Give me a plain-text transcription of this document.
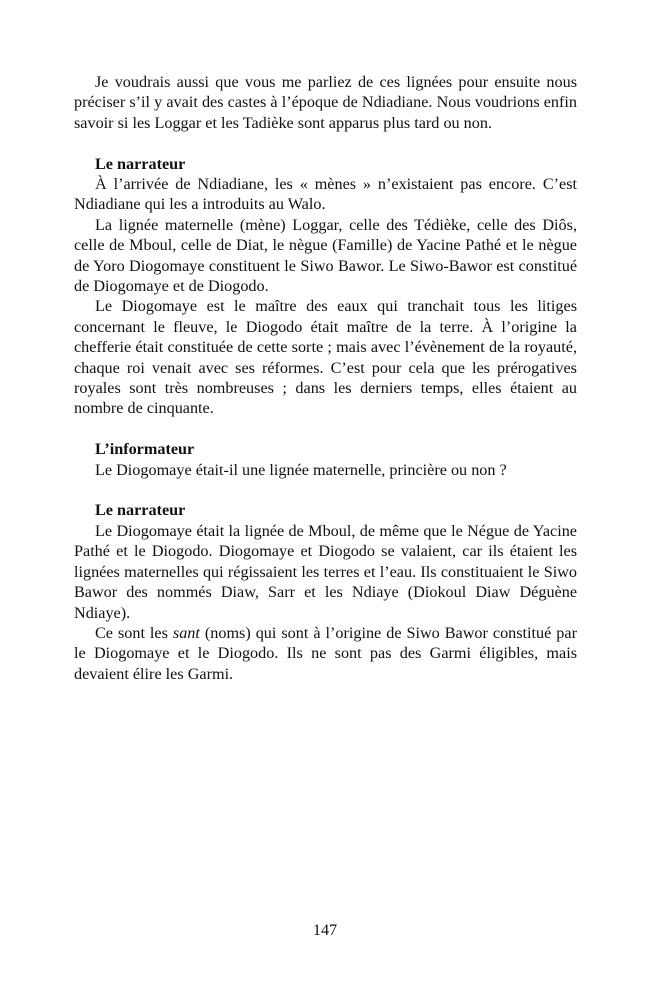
Je voudrais aussi que vous me parliez de ces lignées pour ensuite nous préciser s’il y avait des castes à l’époque de Ndiadiane. Nous voudrions enfin savoir si les Loggar et les Tadièke sont apparus plus tard ou non.

Le narrateur

À l’arrivée de Ndiadiane, les « mènes » n’existaient pas encore. C’est Ndiadiane qui les a introduits au Walo.

La lignée maternelle (mène) Loggar, celle des Tédièke, celle des Diôs, celle de Mboul, celle de Diat, le nègue (Famille) de Yacine Pathé et le nègue de Yoro Diogomaye constituent le Siwo Bawor. Le Siwo-Bawor est constitué de Diogomaye et de Diogodo.

Le Diogomaye est le maître des eaux qui tranchait tous les litiges concernant le fleuve, le Diogodo était maître de la terre. À l’origine la chefferie était constituée de cette sorte ; mais avec l’évènement de la royauté, chaque roi venait avec ses réformes. C’est pour cela que les prérogatives royales sont très nombreuses ; dans les derniers temps, elles étaient au nombre de cinquante.

L’informateur

Le Diogomaye était-il une lignée maternelle, princière ou non ?

Le narrateur

Le Diogomaye était la lignée de Mboul, de même que le Négue de Yacine Pathé et le Diogodo. Diogomaye et Diogodo se valaient, car ils étaient les lignées maternelles qui régissaient les terres et l’eau. Ils constituaient le Siwo Bawor des nommés Diaw, Sarr et les Ndiaye (Diokoul Diaw Déguène Ndiaye).

Ce sont les sant (noms) qui sont à l’origine de Siwo Bawor constitué par le Diogomaye et le Diogodo. Ils ne sont pas des Garmi éligibles, mais devaient élire les Garmi.

147
